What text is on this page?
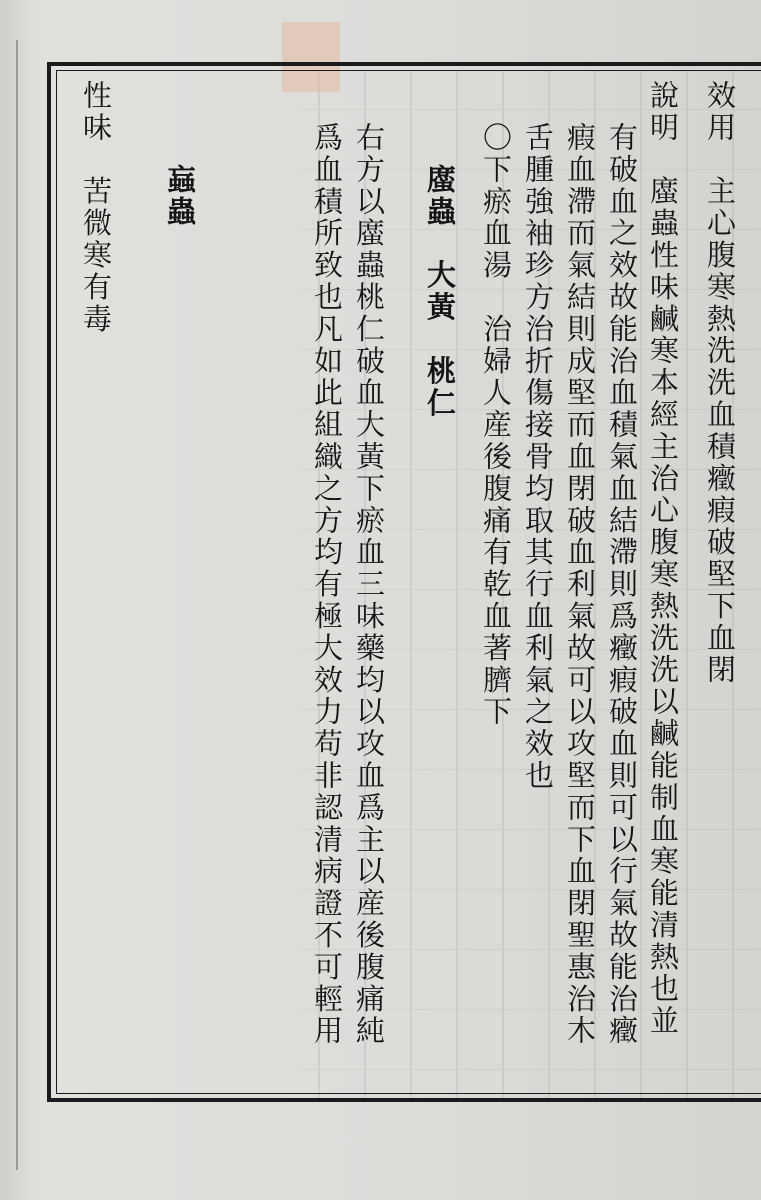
效用　主心腹寒熱洗洗血積癥瘕破堅下血閉
說明　䗪蟲性味鹹寒本經主治心腹寒熱洗洗以鹹能制血寒能清熱也並
有破血之效故能治血積氣血結滯則爲癥瘕破血則可以行氣故能治癥
瘕血滯而氣結則成堅而血閉破血利氣故可以攻堅而下血閉聖惠治木
舌腫強袖珍方治折傷接骨均取其行血利氣之效也
〇下瘀血湯　治婦人産後腹痛有乾血著臍下
䗪蟲　大黃　桃仁
右方以䗪蟲桃仁破血大黃下瘀血三味藥均以攻血爲主以産後腹痛純
爲血積所致也凡如此組織之方均有極大效力苟非認清病證不可輕用
蝱蟲
性味　苦微寒有毒
